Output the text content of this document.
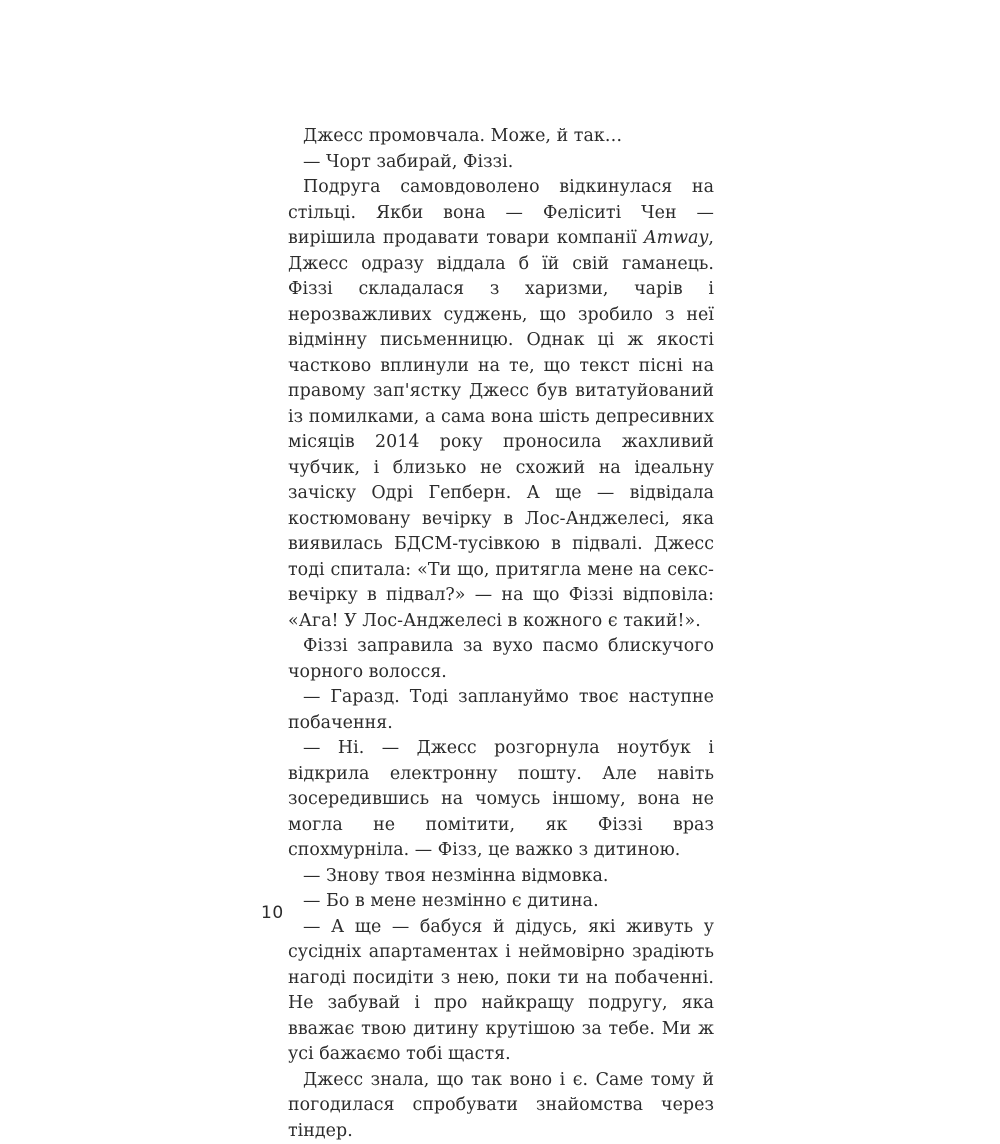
Джесс промовчала. Може, й так…

— Чорт забирай, Фіззі.

Подруга самовдоволено відкинулася на стільці. Якби вона — Феліситі Чен — вирішила продавати товари компанії Amway, Джесс одразу віддала б їй свій гаманець. Фіззі складалася з харизми, чарів і нерозважливих суджень, що зробило з неї відмінну письменницю. Однак ці ж якості частково вплинули на те, що текст пісні на правому зап'ястку Джесс був витатуйований із помилками, а сама вона шість депресивних місяців 2014 року проносила жахливий чубчик, і близько не схожий на ідеальну зачіску Одрі Гепберн. А ще — відвідала костюмовану вечірку в Лос-Анджелесі, яка виявилась БДСМ-тусівкою в підвалі. Джесс тоді спитала: «Ти що, притягла мене на секс-вечірку в підвал?» — на що Фіззі відповіла: «Ага! У Лос-Анджелесі в кожного є такий!».

Фіззі заправила за вухо пасмо блискучого чорного волосся.

— Гаразд. Тоді заплануймо твоє наступне побачення.

— Ні. — Джесс розгорнула ноутбук і відкрила електронну пошту. Але навіть зосередившись на чомусь іншому, вона не могла не помітити, як Фіззі враз спохмурніла. — Фізз, це важко з дитиною.

— Знову твоя незмінна відмовка.

— Бо в мене незмінно є дитина.

— А ще — бабуся й дідусь, які живуть у сусідніх апартаментах і неймовірно зрадіють нагоді посидіти з нею, поки ти на побаченні. Не забувай і про найкращу подругу, яка вважає твою дитину крутішою за тебе. Ми ж усі бажаємо тобі щастя.

Джесс знала, що так воно і є. Саме тому й погодилася спробувати знайомства через тіндер.

10
